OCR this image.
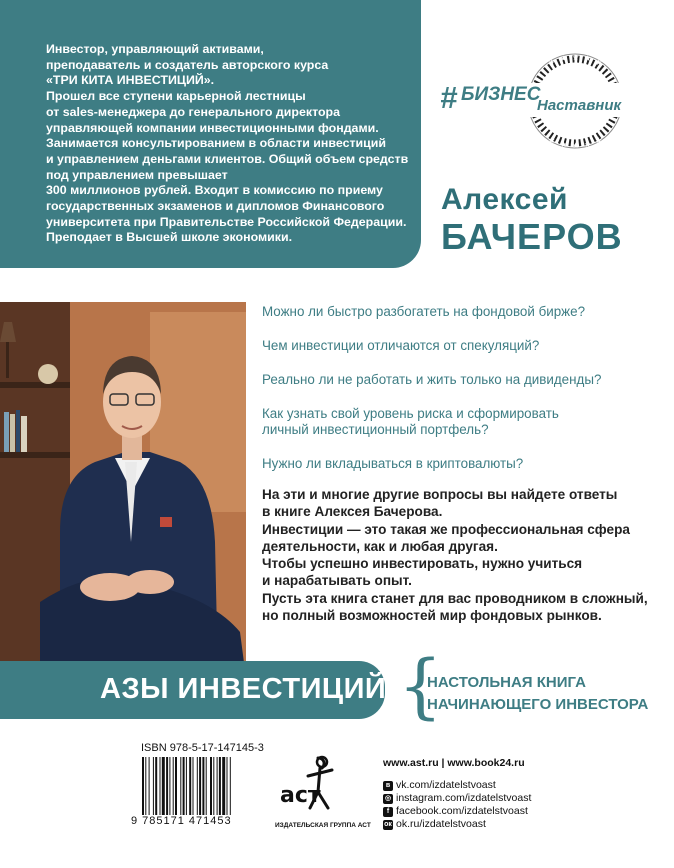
Инвестор, управляющий активами,
преподаватель и создатель авторского курса
«ТРИ КИТА ИНВЕСТИЦИЙ».
Прошел все ступени карьерной лестницы
от sales-менеджера до генерального директора
управляющей компании инвестиционными фондами.
Занимается консультированием в области инвестиций
и управлением деньгами клиентов. Общий объем средств
под управлением превышает
300 миллионов рублей. Входит в комиссию по приему
государственных экзаменов и дипломов Финансового
университета при Правительстве Российской Федерации.
Преподает в Высшей школе экономики.
# БИЗНЕС
Наставник
★ ★ ★ ★ ★
★ ★ ★ ★ ★
Алексей
БАЧЕРОВ
Можно ли быстро разбогатеть на фондовой бирже?
Чем инвестиции отличаются от спекуляций?
Реально ли не работать и жить только на дивиденды?
Как узнать свой уровень риска и сформировать
личный инвестиционный портфель?
Нужно ли вкладываться в криптовалюты?
На эти и многие другие вопросы вы найдете ответы
в книге Алексея Бачерова.
Инвестиции — это такая же профессиональная сфера
деятельности, как и любая другая.
Чтобы успешно инвестировать, нужно учиться
и нарабатывать опыт.
Пусть эта книга станет для вас проводником в сложный,
но полный возможностей мир фондовых рынков.
АЗЫ ИНВЕСТИЦИЙ {
НАСТОЛЬНАЯ КНИГА
НАЧИНАЮЩЕГО ИНВЕСТОРА
ISBN 978-5-17-147145-3
9 785171 471453
аст
ИЗДАТЕЛЬСКАЯ ГРУППА АСТ
www.ast.ru | www.book24.ru
в vk.com/izdatelstvoast
◎ instagram.com/izdatelstvoast
f facebook.com/izdatelstvoast
ок ok.ru/izdatelstvoast
